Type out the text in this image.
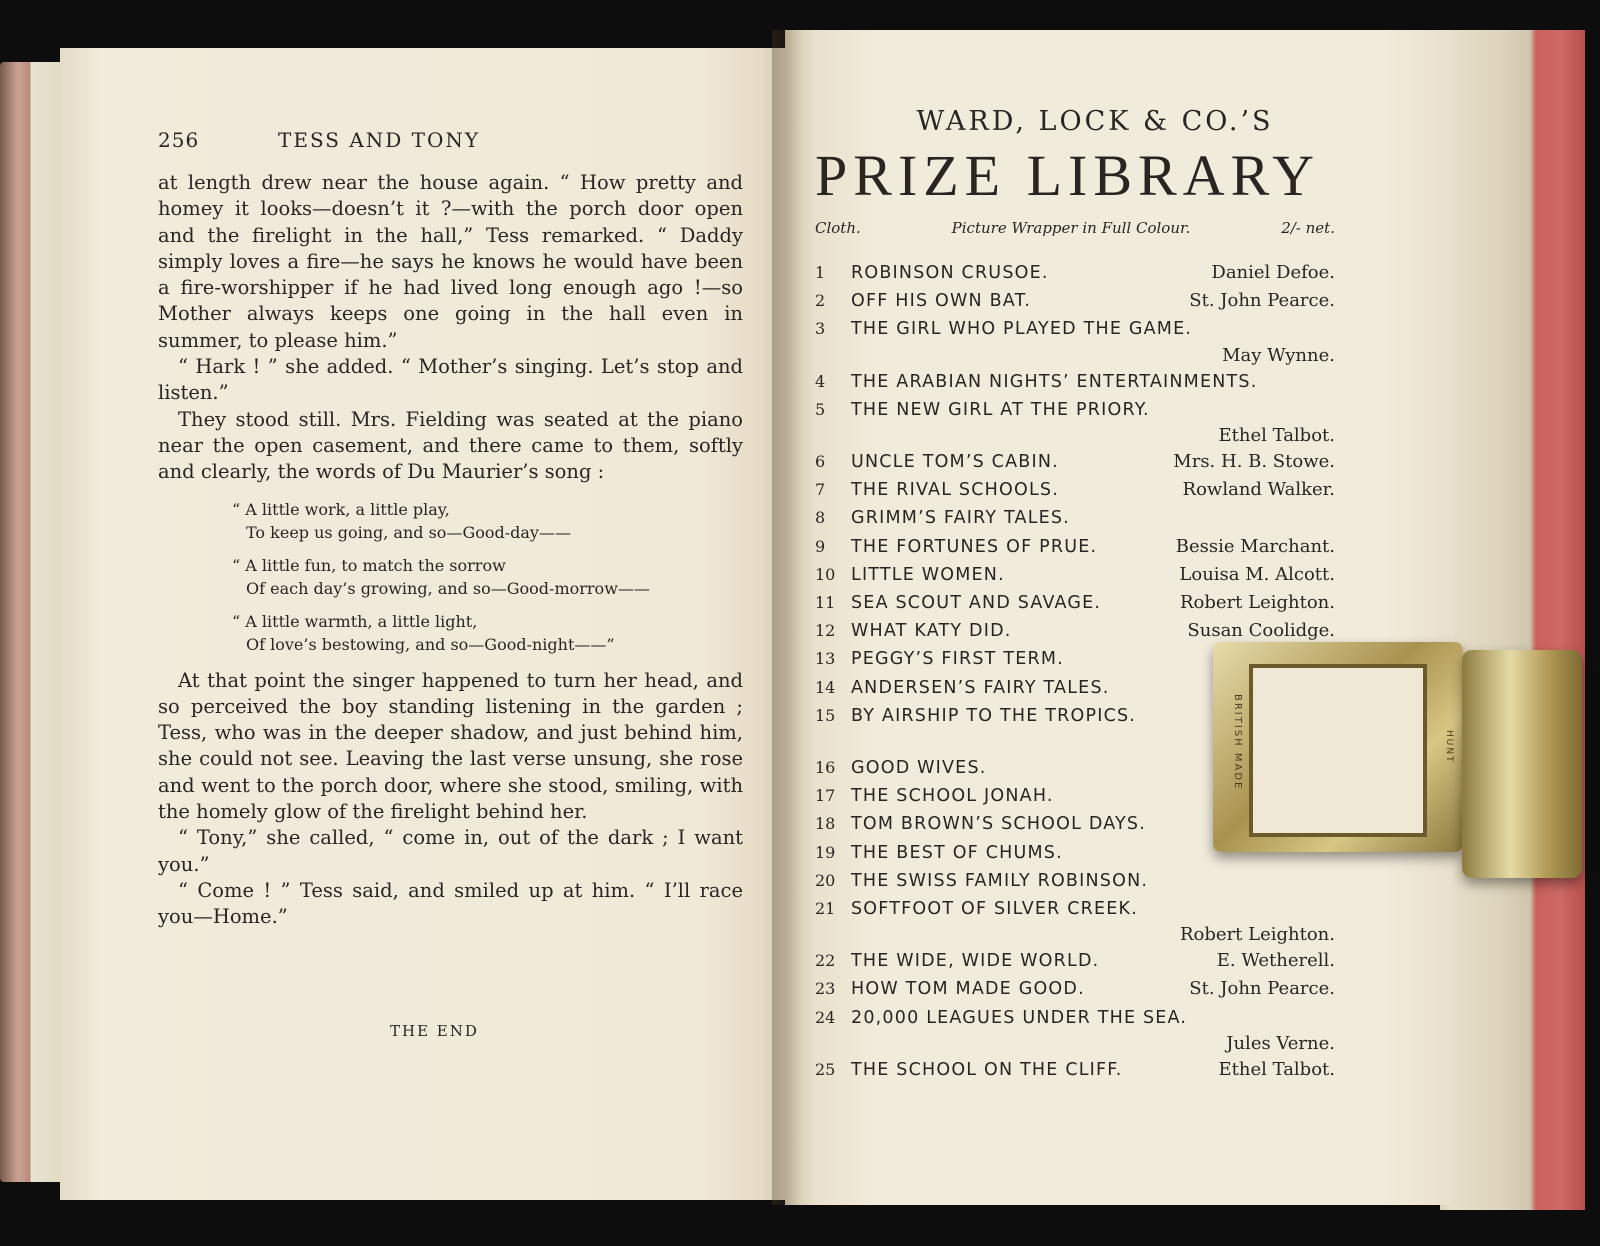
256	TESS AND TONY

at length drew near the house again. “ How pretty and homey it looks—doesn’t it ?—with the porch door open and the firelight in the hall,” Tess remarked. “ Daddy simply loves a fire—he says he knows he would have been a fire-worshipper if he had lived long enough ago !—so Mother always keeps one going in the hall even in summer, to please him.”

“ Hark ! ” she added. “ Mother’s singing. Let’s stop and listen.”

They stood still. Mrs. Fielding was seated at the piano near the open casement, and there came to them, softly and clearly, the words of Du Maurier’s song :

“ A little work, a little play,
To keep us going, and so—Good-day——
“ A little fun, to match the sorrow
Of each day’s growing, and so—Good-morrow——
“ A little warmth, a little light,
Of love’s bestowing, and so—Good-night——”

At that point the singer happened to turn her head, and so perceived the boy standing listening in the garden ; Tess, who was in the deeper shadow, and just behind him, she could not see. Leaving the last verse unsung, she rose and went to the porch door, where she stood, smiling, with the homely glow of the firelight behind her.

“ Tony,” she called, “ come in, out of the dark ; I want you.”

“ Come ! ” Tess said, and smiled up at him. “ I’ll race you—Home.”

THE END
WARD, LOCK & CO.’S
PRIZE LIBRARY
Cloth.	Picture Wrapper in Full Colour.	2/- net.
1	ROBINSON CRUSOE.	Daniel Defoe.
2	OFF HIS OWN BAT.	St. John Pearce.
3	THE GIRL WHO PLAYED THE GAME.
May Wynne.
4	THE ARABIAN NIGHTS’ ENTERTAINMENTS.
5	THE NEW GIRL AT THE PRIORY.
Ethel Talbot.
6	UNCLE TOM’S CABIN.	Mrs. H. B. Stowe.
7	THE RIVAL SCHOOLS.	Rowland Walker.
8	GRIMM’S FAIRY TALES.
9	THE FORTUNES OF PRUE.	Bessie Marchant.
10 LITTLE WOMEN.	Louisa M. Alcott.
11 SEA SCOUT AND SAVAGE.	Robert Leighton.
12 WHAT KATY DID.	Susan Coolidge.
13 PEGGY’S FIRST TERM.
14 ANDERSEN’S FAIRY TALES.
15 BY AIRSHIP TO THE TROPICS.
16 GOOD WIVES.
17 THE SCHOOL JONAH.
18 TOM BROWN’S SCHOOL DAYS.
19 THE BEST OF CHUMS.
20 THE SWISS FAMILY ROBINSON.
21 SOFTFOOT OF SILVER CREEK.
Robert Leighton.
22 THE WIDE, WIDE WORLD.	E. Wetherell.
23 HOW TOM MADE GOOD.	St. John Pearce.
24 20,000 LEAGUES UNDER THE SEA.
Jules Verne.
25 THE SCHOOL ON THE CLIFF.	Ethel Talbot.
BRITISH MADE	HUNT
